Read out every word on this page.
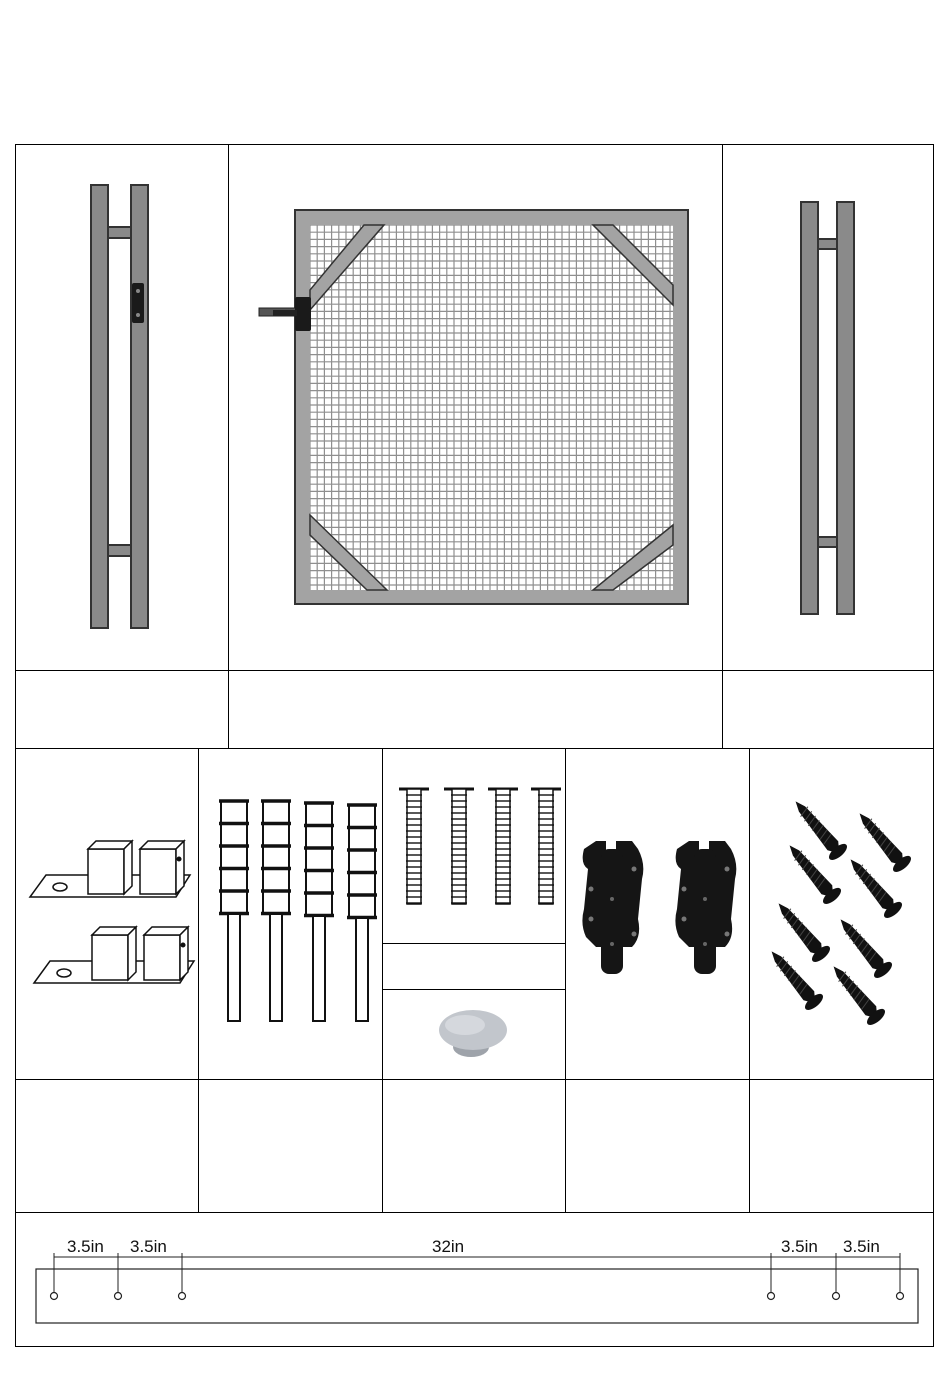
3.5in 3.5in	32in	3.5in 3.5in
